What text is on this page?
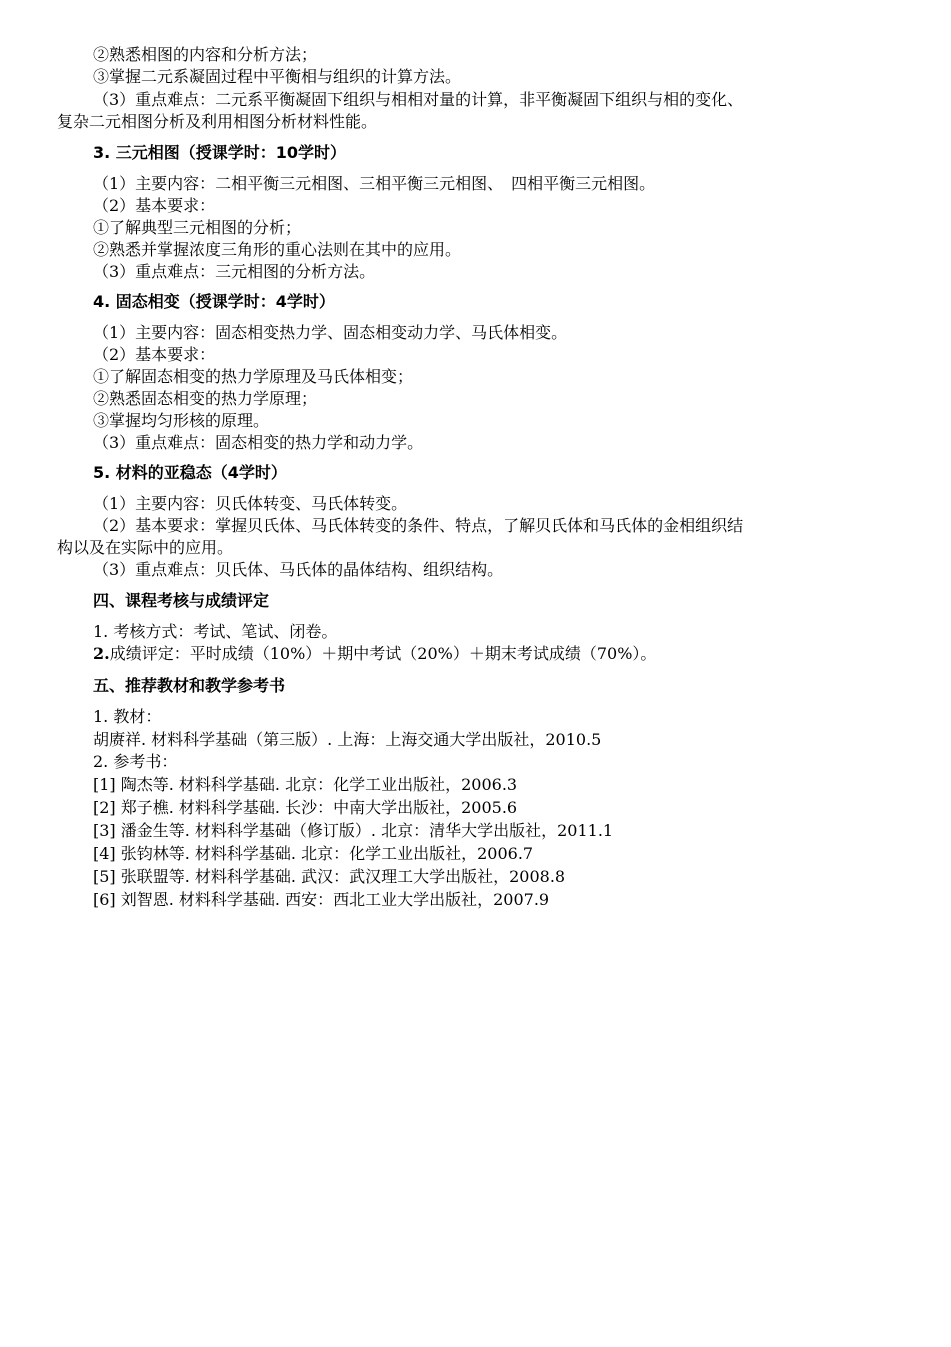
②熟悉相图的内容和分析方法；
③掌握二元系凝固过程中平衡相与组织的计算方法。
（3）重点难点：二元系平衡凝固下组织与相相对量的计算，非平衡凝固下组织与相的变化、
复杂二元相图分析及利用相图分析材料性能。
3. 三元相图（授课学时：10学时）
（1）主要内容：二相平衡三元相图、三相平衡三元相图、　四相平衡三元相图。
（2）基本要求：
①了解典型三元相图的分析；
②熟悉并掌握浓度三角形的重心法则在其中的应用。
（3）重点难点：三元相图的分析方法。
4. 固态相变（授课学时：4学时）
（1）主要内容：固态相变热力学、固态相变动力学、马氏体相变。
（2）基本要求：
①了解固态相变的热力学原理及马氏体相变；
②熟悉固态相变的热力学原理；
③掌握均匀形核的原理。
（3）重点难点：固态相变的热力学和动力学。
5. 材料的亚稳态（4学时）
（1）主要内容：贝氏体转变、马氏体转变。
（2）基本要求：掌握贝氏体、马氏体转变的条件、特点，了解贝氏体和马氏体的金相组织结
构以及在实际中的应用。
（3）重点难点：贝氏体、马氏体的晶体结构、组织结构。
四、课程考核与成绩评定
1. 考核方式：考试、笔试、闭卷。
2.成绩评定：平时成绩（10%）＋期中考试（20%）＋期末考试成绩（70%）。
五、推荐教材和教学参考书
1. 教材：
胡赓祥. 材料科学基础（第三版）. 上海：上海交通大学出版社，2010.5
2. 参考书：
[1] 陶杰等. 材料科学基础. 北京：化学工业出版社，2006.3
[2] 郑子樵. 材料科学基础. 长沙：中南大学出版社，2005.6
[3] 潘金生等. 材料科学基础（修订版）. 北京：清华大学出版社，2011.1
[4] 张钧林等. 材料科学基础. 北京：化学工业出版社，2006.7
[5] 张联盟等. 材料科学基础. 武汉：武汉理工大学出版社，2008.8
[6] 刘智恩. 材料科学基础. 西安：西北工业大学出版社，2007.9
